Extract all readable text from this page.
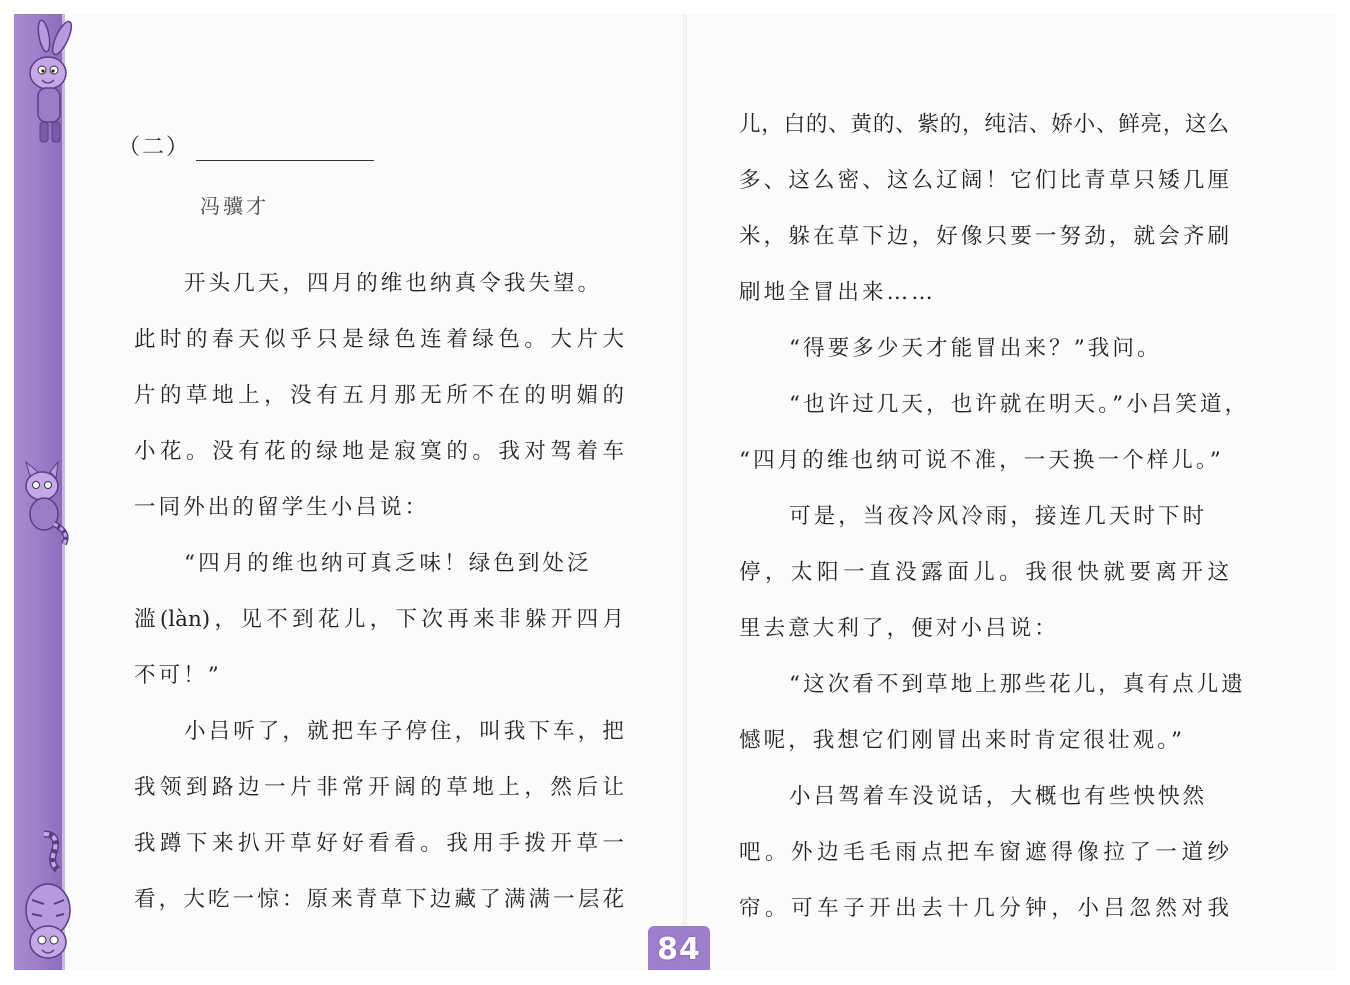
（二）
冯骥才
开头几天，四月的维也纳真令我失望。
此时的春天似乎只是绿色连着绿色。大片大
片的草地上，没有五月那无所不在的明媚的
小花。没有花的绿地是寂寞的。我对驾着车
一同外出的留学生小吕说：
“四月的维也纳可真乏味！绿色到处泛
滥(làn)，见不到花儿，下次再来非躲开四月
不可！”
小吕听了，就把车子停住，叫我下车，把
我领到路边一片非常开阔的草地上，然后让
我蹲下来扒开草好好看看。我用手拨开草一
看，大吃一惊：原来青草下边藏了满满一层花
儿，白的、黄的、紫的，纯洁、娇小、鲜亮，这么
多、这么密、这么辽阔！它们比青草只矮几厘
米，躲在草下边，好像只要一努劲，就会齐刷
刷地全冒出来……
“得要多少天才能冒出来？”我问。
“也许过几天，也许就在明天。”小吕笑道，
“四月的维也纳可说不准，一天换一个样儿。”
可是，当夜冷风冷雨，接连几天时下时
停，太阳一直没露面儿。我很快就要离开这
里去意大利了，便对小吕说：
“这次看不到草地上那些花儿，真有点儿遗
憾呢，我想它们刚冒出来时肯定很壮观。”
小吕驾着车没说话，大概也有些怏怏然
吧。外边毛毛雨点把车窗遮得像拉了一道纱
帘。可车子开出去十几分钟，小吕忽然对我
84
